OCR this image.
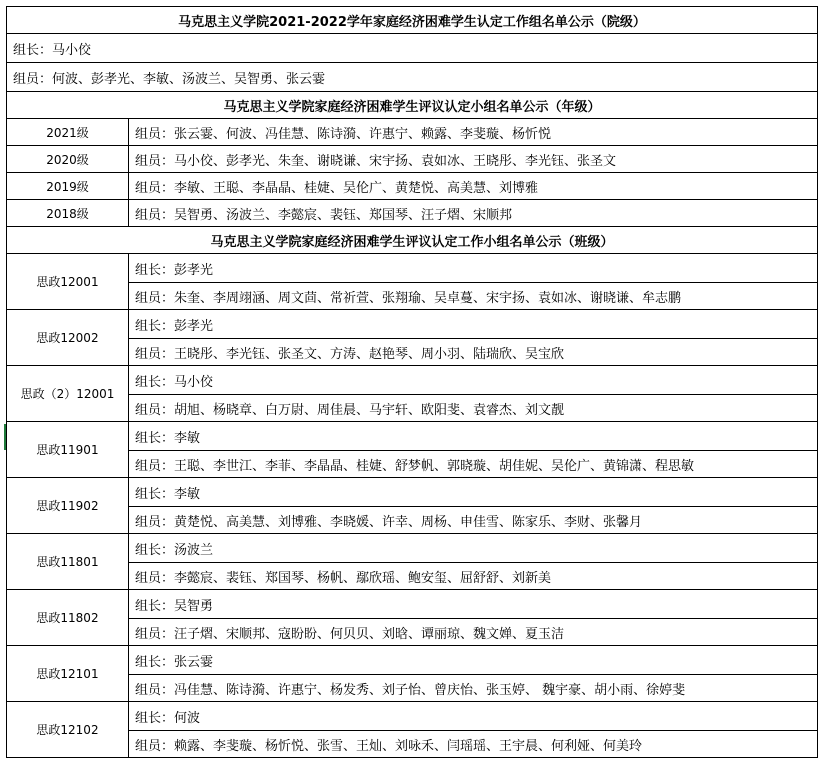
马克思主义学院2021-2022学年家庭经济困难学生认定工作组名单公示（院级）	
组长：马小佼	
组员：何波、彭孝光、李敏、汤波兰、吴智勇、张云霎	
马克思主义学院家庭经济困难学生评议认定小组名单公示（年级）	
2021级	组员：张云霎、何波、冯佳慧、陈诗漪、许惠宁、赖露、李斐璇、杨忻悦
2020级	组员：马小佼、彭孝光、朱奎、谢晓谦、宋宇扬、袁如冰、王晓彤、李光钰、张圣文
2019级	组员：李敏、王聪、李晶晶、桂婕、吴伦广、黄楚悦、高美慧、刘博雅
2018级	组员：吴智勇、汤波兰、李懿宸、裴钰、郑国琴、汪子熠、宋顺邦
马克思主义学院家庭经济困难学生评议认定工作小组名单公示（班级）	
思政12001	组长：彭孝光
	组员：朱奎、李周翊涵、周文茴、常祈萱、张翔瑜、吴卓蔓、宋宇扬、袁如冰、谢晓谦、牟志鹏
思政12002	组长：彭孝光
	组员：王晓彤、李光钰、张圣文、方涛、赵艳琴、周小羽、陆瑞欣、吴宝欣
思政（2）12001	组长：马小佼
	组员：胡旭、杨晓章、白万尉、周佳晨、马宇轩、欧阳斐、袁睿杰、刘文靓
思政11901	组长：李敏
	组员：王聪、李世江、李菲、李晶晶、桂婕、舒梦帆、郭晓璇、胡佳妮、吴伦广、黄锦潇、程思敏
思政11902	组长：李敏
	组员：黄楚悦、高美慧、刘博雅、李晓媛、许幸、周杨、申佳雪、陈家乐、李财、张馨月
思政11801	组长：汤波兰
	组员：李懿宸、裴钰、郑国琴、杨帆、鄢欣瑶、鲍安玺、屈舒舒、刘新美
思政11802	组长：吴智勇
	组员：汪子熠、宋顺邦、寇盼盼、何贝贝、刘晗、谭丽琼、魏文婵、夏玉洁
思政12101	组长：张云霎
	组员：冯佳慧、陈诗漪、许惠宁、杨发秀、刘子怡、曾庆怡、张玉婷、 魏宇豪、胡小雨、徐婷斐
思政12102	组长：何波
	组员：赖露、李斐璇、杨忻悦、张雪、王灿、刘咏禾、闫瑶瑶、王宇晨、何利娅、何美玲
